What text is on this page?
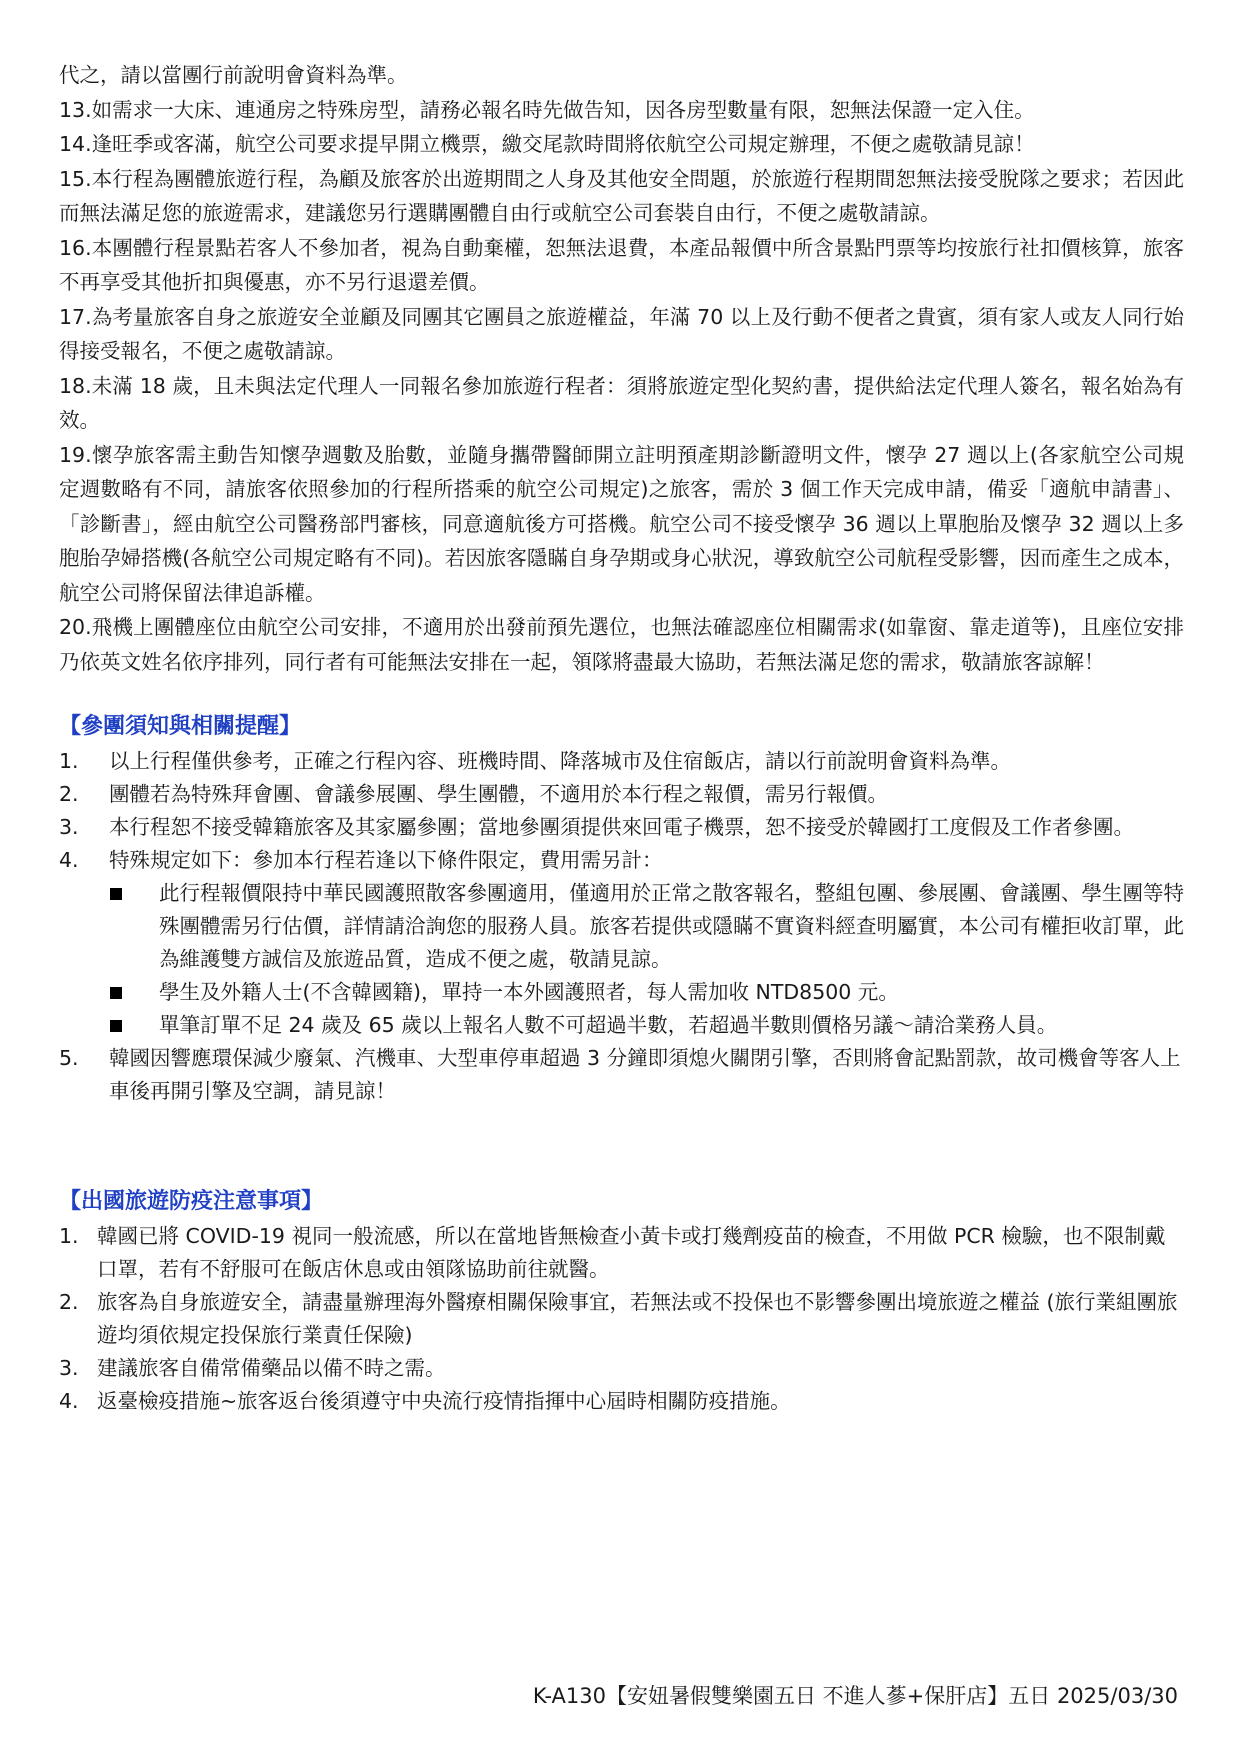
代之，請以當團行前說明會資料為準。

13.如需求一大床、連通房之特殊房型，請務必報名時先做告知，因各房型數量有限，恕無法保證一定入住。

14.逢旺季或客滿，航空公司要求提早開立機票，繳交尾款時間將依航空公司規定辦理，不便之處敬請見諒！

15.本行程為團體旅遊行程，為顧及旅客於出遊期間之人身及其他安全問題，於旅遊行程期間恕無法接受脫隊之要求；若因此而無法滿足您的旅遊需求，建議您另行選購團體自由行或航空公司套裝自由行，不便之處敬請諒。

16.本團體行程景點若客人不參加者，視為自動棄權，恕無法退費，本產品報價中所含景點門票等均按旅行社扣價核算，旅客不再享受其他折扣與優惠，亦不另行退還差價。

17.為考量旅客自身之旅遊安全並顧及同團其它團員之旅遊權益，年滿 70 以上及行動不便者之貴賓，須有家人或友人同行始得接受報名，不便之處敬請諒。

18.未滿 18 歲，且未與法定代理人一同報名參加旅遊行程者：須將旅遊定型化契約書，提供給法定代理人簽名，報名始為有效。

19.懷孕旅客需主動告知懷孕週數及胎數，並隨身攜帶醫師開立註明預產期診斷證明文件，懷孕 27 週以上(各家航空公司規定週數略有不同，請旅客依照參加的行程所搭乘的航空公司規定)之旅客，需於 3 個工作天完成申請，備妥「適航申請書」、「診斷書」，經由航空公司醫務部門審核，同意適航後方可搭機。航空公司不接受懷孕 36 週以上單胞胎及懷孕 32 週以上多胞胎孕婦搭機(各航空公司規定略有不同)。若因旅客隱瞞自身孕期或身心狀況，導致航空公司航程受影響，因而產生之成本，航空公司將保留法律追訴權。

20.飛機上團體座位由航空公司安排，不適用於出發前預先選位，也無法確認座位相關需求(如靠窗、靠走道等)，且座位安排乃依英文姓名依序排列，同行者有可能無法安排在一起，領隊將盡最大協助，若無法滿足您的需求，敬請旅客諒解！

【參團須知與相關提醒】
1.	以上行程僅供參考，正確之行程內容、班機時間、降落城市及住宿飯店，請以行前說明會資料為準。
2.	團體若為特殊拜會團、會議參展團、學生團體，不適用於本行程之報價，需另行報價。
3.	本行程恕不接受韓籍旅客及其家屬參團；當地參團須提供來回電子機票，恕不接受於韓國打工度假及工作者參團。
4.	特殊規定如下：參加本行程若逢以下條件限定，費用需另計：
此行程報價限持中華民國護照散客參團適用，僅適用於正常之散客報名，整組包團、參展團、會議團、學生團等特殊團體需另行估價，詳情請洽詢您的服務人員。旅客若提供或隱瞞不實資料經查明屬實，本公司有權拒收訂單，此為維護雙方誠信及旅遊品質，造成不便之處，敬請見諒。
學生及外籍人士(不含韓國籍)，單持一本外國護照者，每人需加收 NTD8500 元。
單筆訂單不足 24 歲及 65 歲以上報名人數不可超過半數，若超過半數則價格另議～請洽業務人員。
5.	韓國因響應環保減少廢氣、汽機車、大型車停車超過 3 分鐘即須熄火關閉引擎，否則將會記點罰款，故司機會等客人上車後再開引擎及空調，請見諒！
【出國旅遊防疫注意事項】
1. 韓國已將 COVID-19 視同一般流感，所以在當地皆無檢查小黃卡或打幾劑疫苗的檢查，不用做 PCR 檢驗，也不限制戴口罩，若有不舒服可在飯店休息或由領隊協助前往就醫。
2. 旅客為自身旅遊安全，請盡量辦理海外醫療相關保險事宜，若無法或不投保也不影響參團出境旅遊之權益 (旅行業組團旅遊均須依規定投保旅行業責任保險)
3. 建議旅客自備常備藥品以備不時之需。
4. 返臺檢疫措施~旅客返台後須遵守中央流行疫情指揮中心屆時相關防疫措施。
K-A130【安妞暑假雙樂園五日 不進人蔘+保肝店】五日 2025/03/30
